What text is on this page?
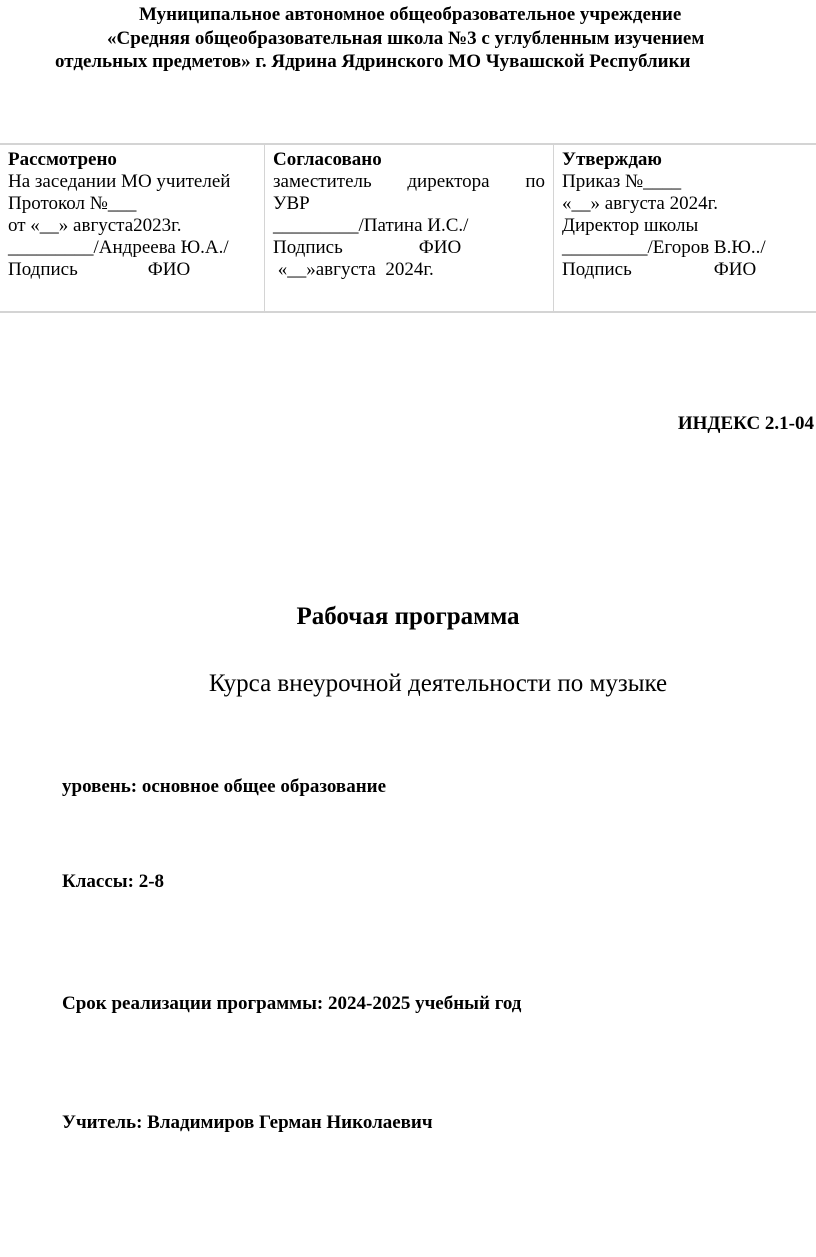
Муниципальное автономное общеобразовательное учреждение
«Средняя общеобразовательная школа №3 с углубленным изучением
отдельных предметов» г. Ядрина Ядринского МО Чувашской Республики
Рассмотрено
На заседании МО учителей
Протокол №___
от «__» августа2023г.
_________/Андреева Ю.А./
Подпись	ФИО

Согласовано
заместитель директора по
УВР
_________/Патина И.С./
Подпись	ФИО
«__»августа  2024г.

Утверждаю
Приказ №____
«__» августа 2024г.
Директор школы
_________/Егоров В.Ю../
Подпись	ФИО
ИНДЕКС 2.1-04
Рабочая программа
Курса внеурочной деятельности по музыке
уровень: основное общее образование
Классы: 2-8
Срок реализации программы: 2024-2025 учебный год
Учитель: Владимиров Герман Николаевич
